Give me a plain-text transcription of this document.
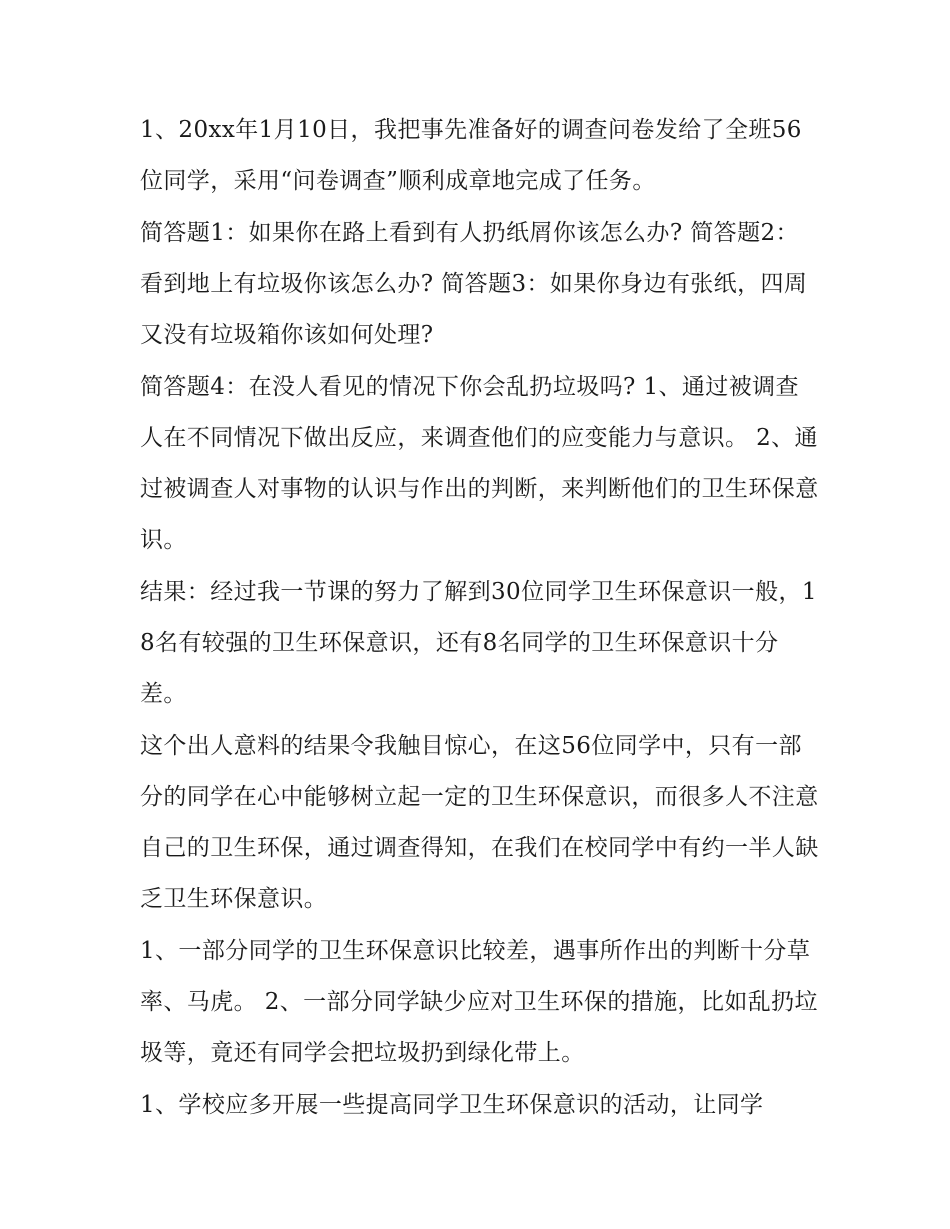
1、20xx年1月10日，我把事先准备好的调查问卷发给了全班56位同学，采用“问卷调查”顺利成章地完成了任务。

简答题1：如果你在路上看到有人扔纸屑你该怎么办? 简答题2：看到地上有垃圾你该怎么办? 简答题3：如果你身边有张纸，四周又没有垃圾箱你该如何处理?

简答题4：在没人看见的情况下你会乱扔垃圾吗? 1、通过被调查人在不同情况下做出反应，来调查他们的应变能力与意识。 2、通过被调查人对事物的认识与作出的判断，来判断他们的卫生环保意识。

结果：经过我一节课的努力了解到30位同学卫生环保意识一般，18名有较强的卫生环保意识，还有8名同学的卫生环保意识十分差。

这个出人意料的结果令我触目惊心，在这56位同学中，只有一部分的同学在心中能够树立起一定的卫生环保意识，而很多人不注意自己的卫生环保，通过调查得知，在我们在校同学中有约一半人缺乏卫生环保意识。

1、一部分同学的卫生环保意识比较差，遇事所作出的判断十分草率、马虎。 2、一部分同学缺少应对卫生环保的措施，比如乱扔垃圾等，竟还有同学会把垃圾扔到绿化带上。

1、学校应多开展一些提高同学卫生环保意识的活动，让同学
